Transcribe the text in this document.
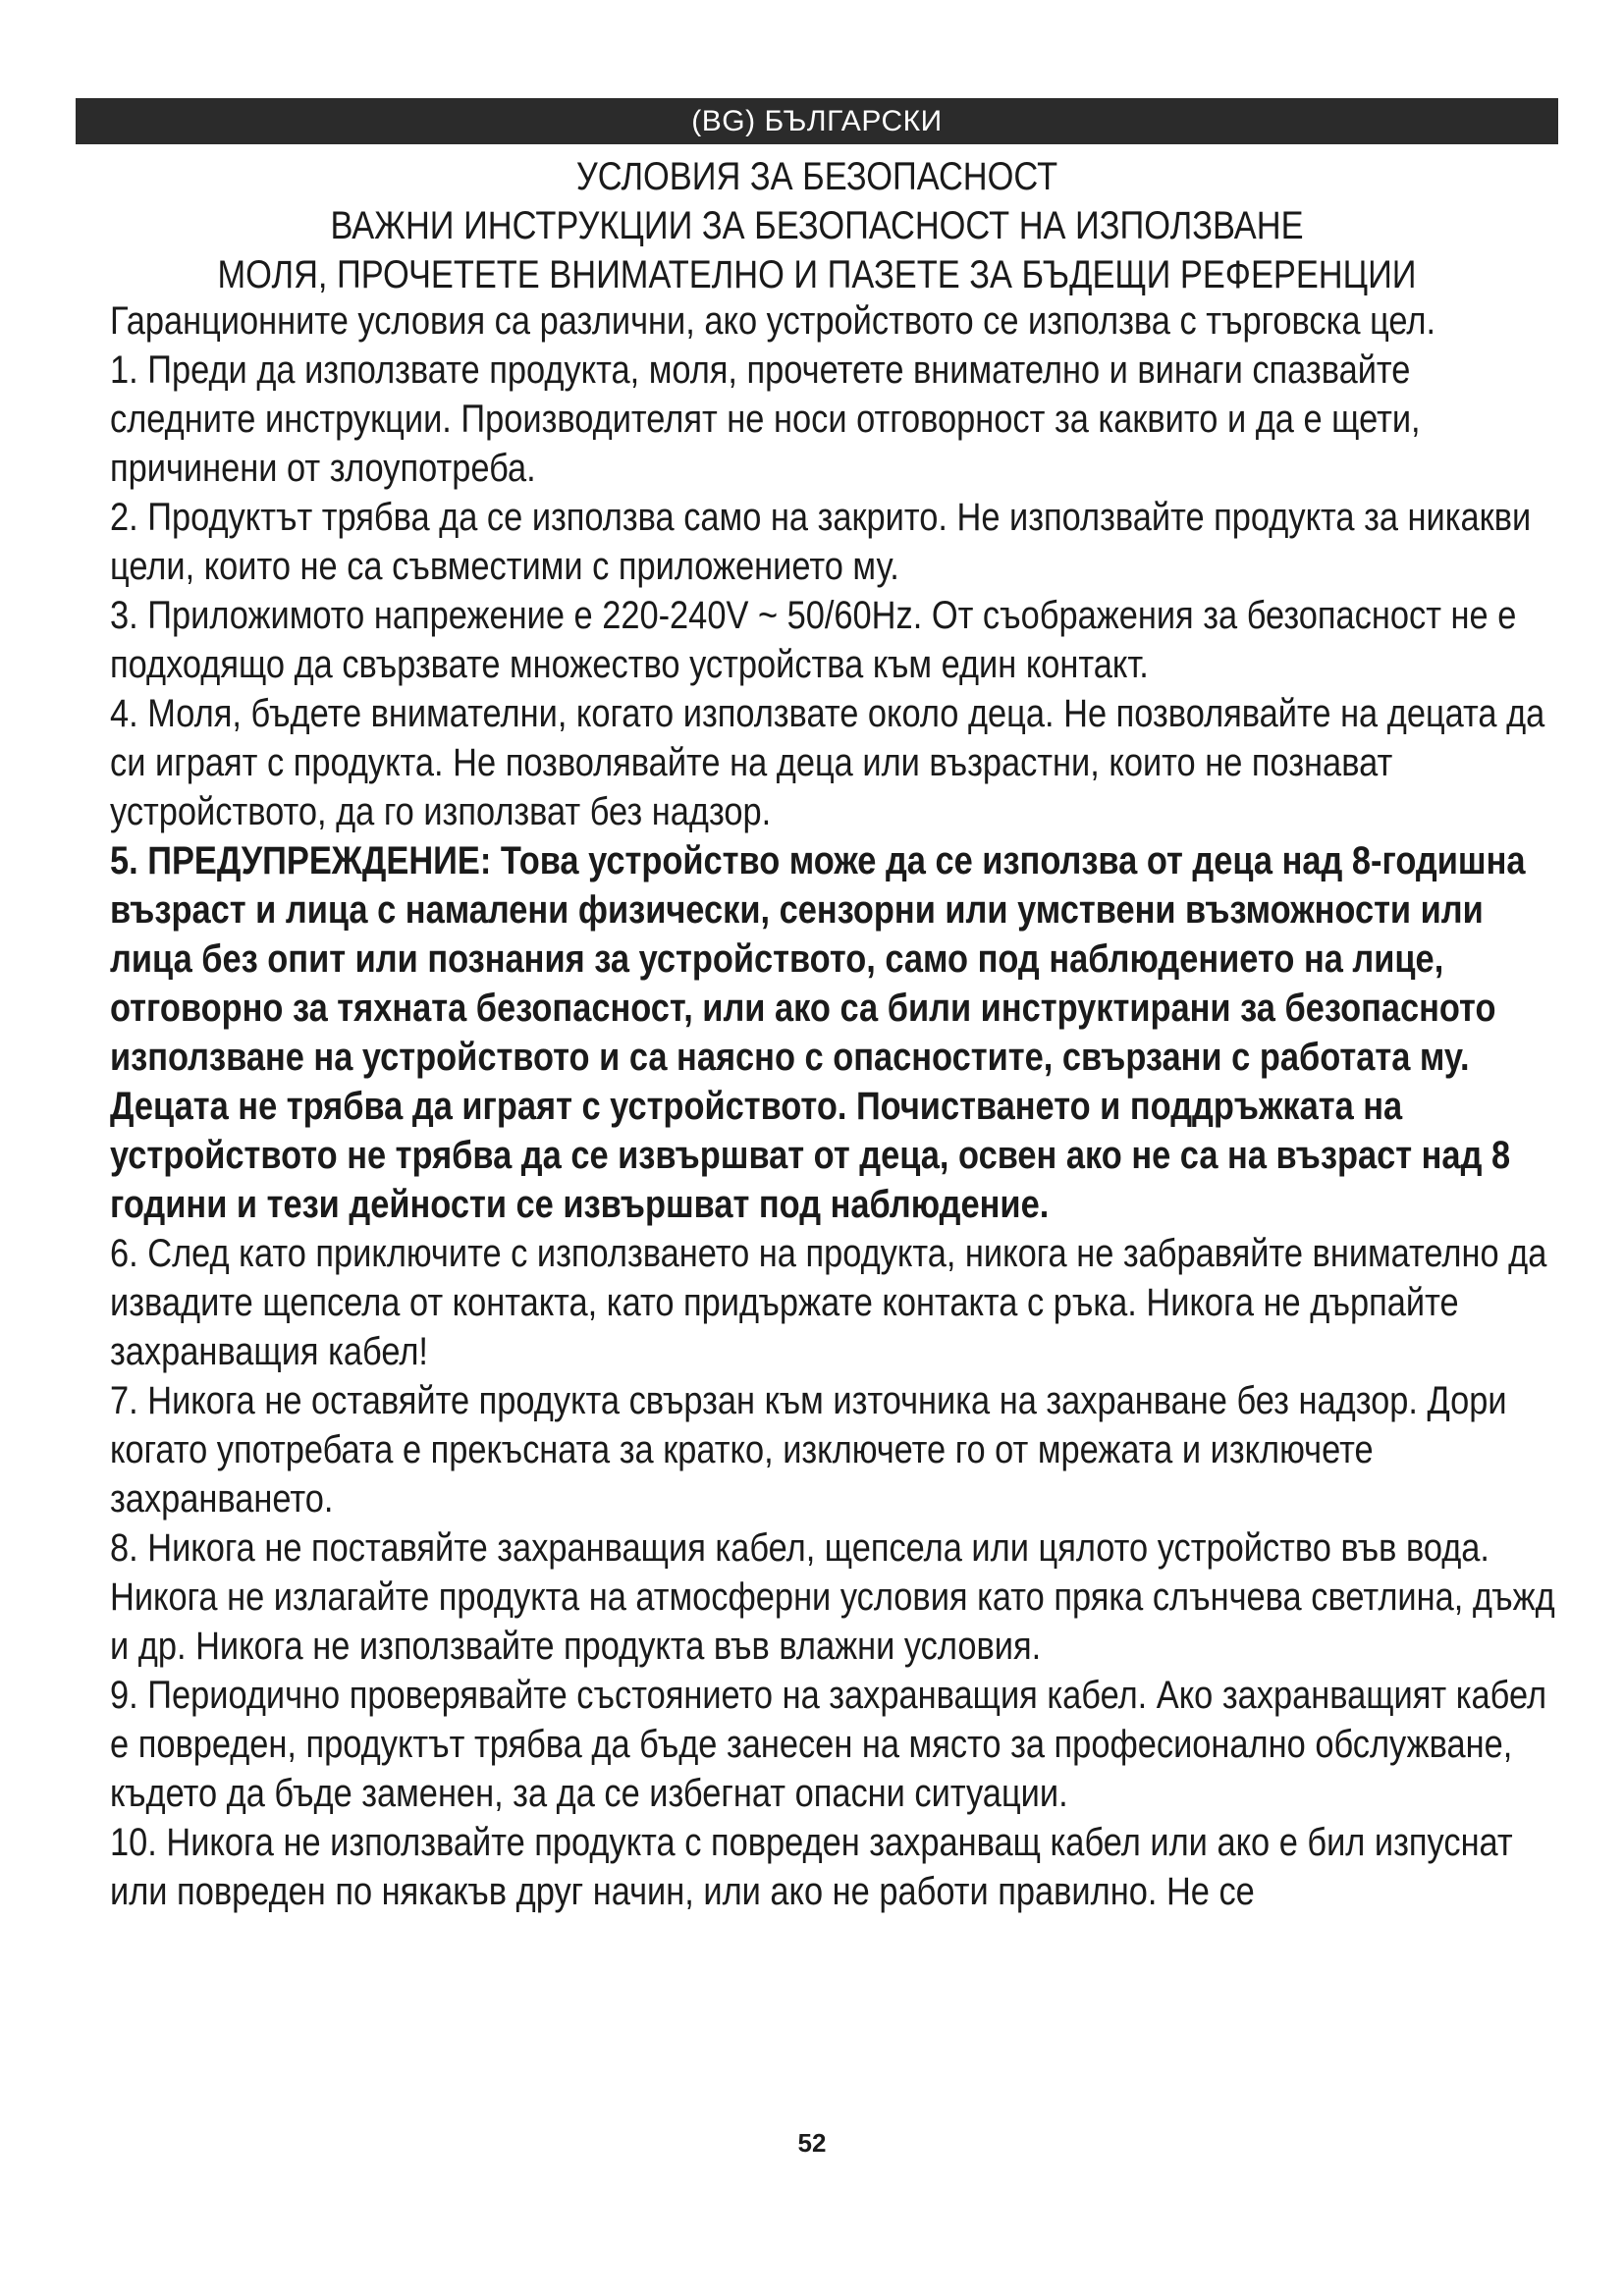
(BG) БЪЛГАРСКИ
УСЛОВИЯ ЗА БЕЗОПАСНОСТ
ВАЖНИ ИНСТРУКЦИИ ЗА БЕЗОПАСНОСТ НА ИЗПОЛЗВАНЕ
МОЛЯ, ПРОЧЕТЕТЕ ВНИМАТЕЛНО И ПАЗЕТЕ ЗА БЪДЕЩИ РЕФЕРЕНЦИИ

Гаранционните условия са различни, ако устройството се използва с търговска цел.

1. Преди да използвате продукта, моля, прочетете внимателно и винаги спазвайте следните инструкции. Производителят не носи отговорност за каквито и да е щети, причинени от злоупотреба.

2. Продуктът трябва да се използва само на закрито. Не използвайте продукта за никакви цели, които не са съвместими с приложението му.

3. Приложимото напрежение е 220-240V ~ 50/60Hz. От съображения за безопасност не е подходящо да свързвате множество устройства към един контакт.

4. Моля, бъдете внимателни, когато използвате около деца. Не позволявайте на децата да си играят с продукта. Не позволявайте на деца или възрастни, които не познават устройството, да го използват без надзор.

5. ПРЕДУПРЕЖДЕНИЕ: Това устройство може да се използва от деца над 8-годишна възраст и лица с намалени физически, сензорни или умствени възможности или лица без опит или познания за устройството, само под наблюдението на лице, отговорно за тяхната безопасност, или ако са били инструктирани за безопасното използване на устройството и са наясно с опасностите, свързани с работата му. Децата не трябва да играят с устройството. Почистването и поддръжката на устройството не трябва да се извършват от деца, освен ако не са на възраст над 8 години и тези дейности се извършват под наблюдение.

6. След като приключите с използването на продукта, никога не забравяйте внимателно да извадите щепсела от контакта, като придържате контакта с ръка. Никога не дърпайте захранващия кабел!

7. Никога не оставяйте продукта свързан към източника на захранване без надзор. Дори когато употребата е прекъсната за кратко, изключете го от мрежата и изключете захранването.

8. Никога не поставяйте захранващия кабел, щепсела или цялото устройство във вода. Никога не излагайте продукта на атмосферни условия като пряка слънчева светлина, дъжд и др. Никога не използвайте продукта във влажни условия.

9. Периодично проверявайте състоянието на захранващия кабел. Ако захранващият кабел е повреден, продуктът трябва да бъде занесен на място за професионално обслужване, където да бъде заменен, за да се избегнат опасни ситуации.

10. Никога не използвайте продукта с повреден захранващ кабел или ако е бил изпуснат или повреден по някакъв друг начин, или ако не работи правилно. Не се

52
